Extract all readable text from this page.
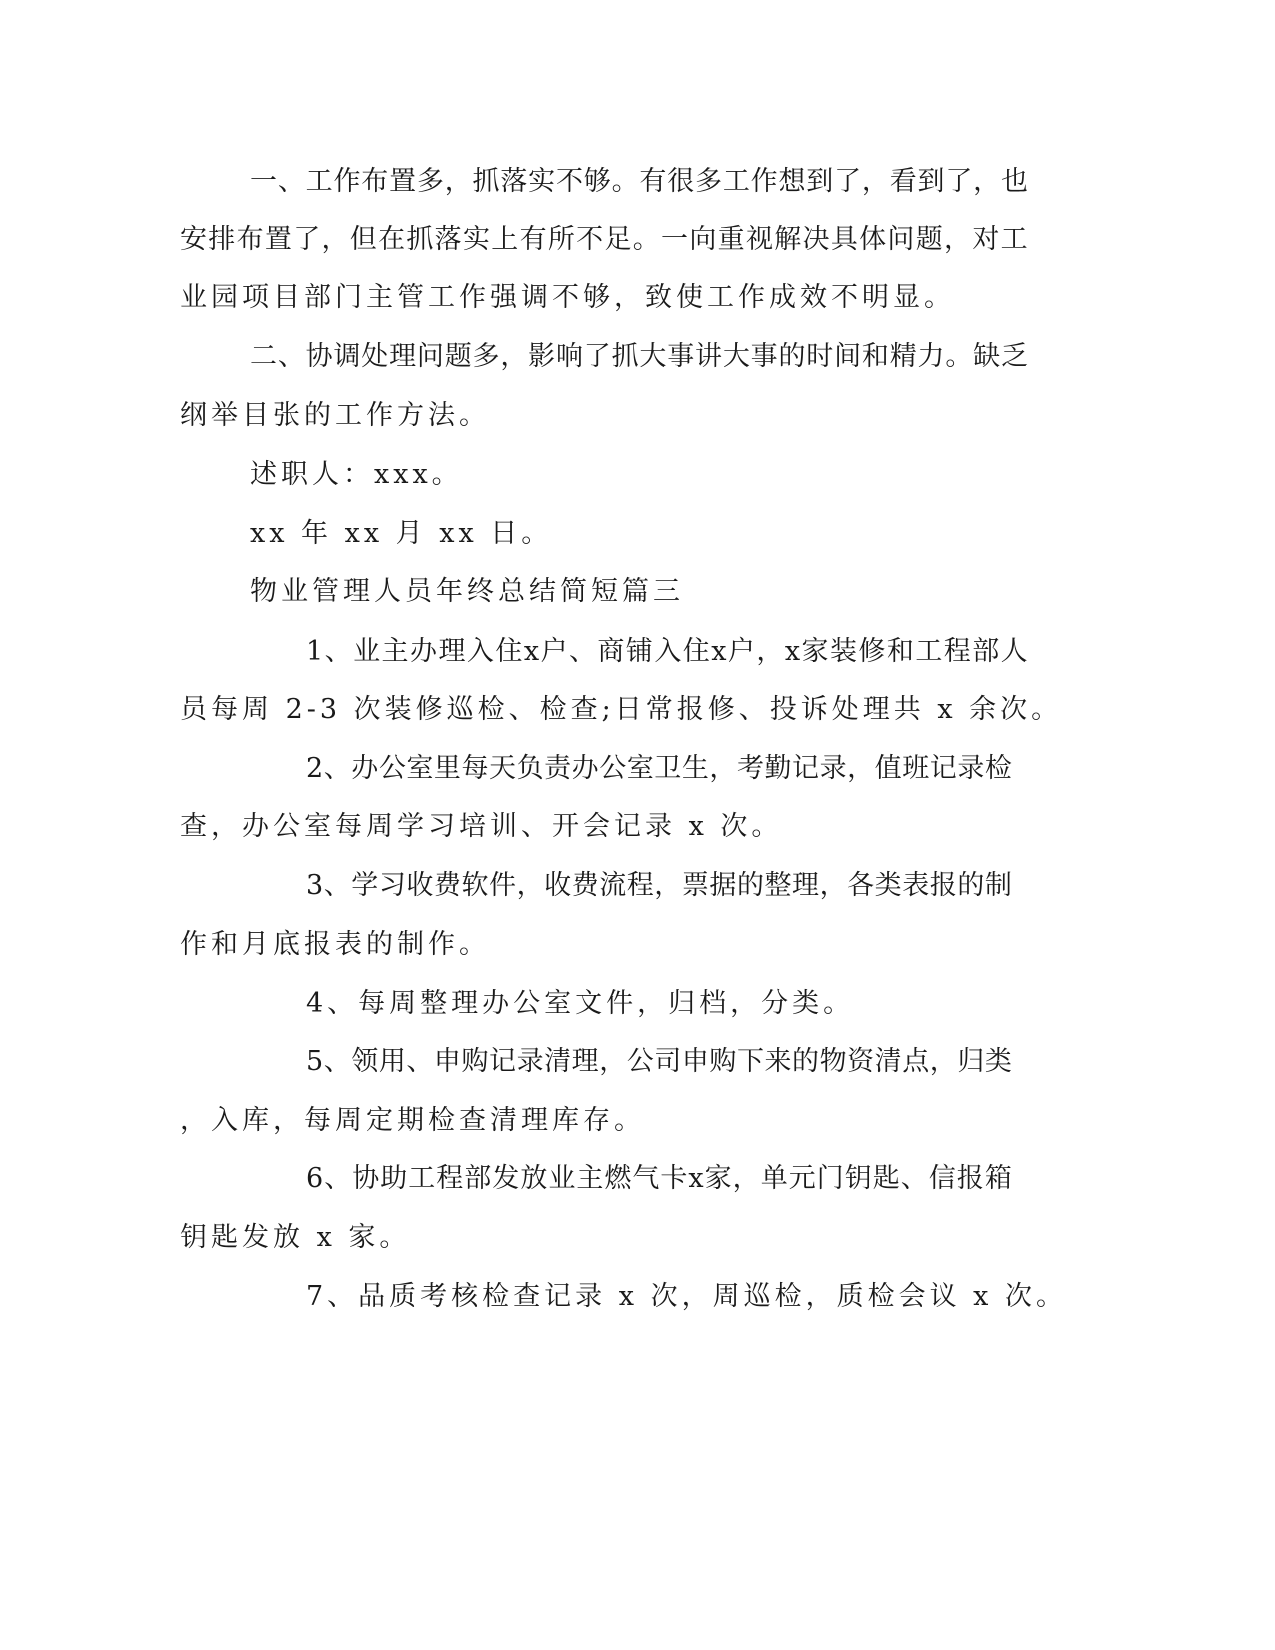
一 、 工 作 布 置 多 ， 抓 落 实 不 够 。 有 很 多 工 作 想 到 了 ， 看 到 了 ， 也
安 排 布 置 了 ， 但 在 抓 落 实 上 有 所 不 足 。 一 向 重 视 解 决 具 体 问 题 ， 对 工
业园项目部门主管工作强调不够，致使工作成效不明显。
二 、 协 调 处 理 问 题 多 ， 影 响 了 抓 大 事 讲 大 事 的 时 间 和 精 力 。 缺 乏
纲举目张的工作方法。
述职人：xxx。
xx 年 xx 月 xx 日。
物业管理人员年终总结简短篇三
1 、 业 主 办 理 入 住 x 户 、 商 铺 入 住 x 户 ， x 家 装 修 和 工 程 部 人
员每周 2-3 次装修巡检、检查;日常报修、投诉处理共 x 余次。
2 、 办 公 室 里 每 天 负 责 办 公 室 卫 生 ， 考 勤 记 录 ， 值 班 记 录 检
查，办公室每周学习培训、开会记录 x 次。
3 、 学 习 收 费 软 件 ， 收 费 流 程 ， 票 据 的 整 理 ， 各 类 表 报 的 制
作和月底报表的制作。
4、每周整理办公室文件，归档，分类。
5 、 领 用 、 申 购 记 录 清 理 ， 公 司 申 购 下 来 的 物 资 清 点 ， 归 类
，入库，每周定期检查清理库存。
6 、 协 助 工 程 部 发 放 业 主 燃 气 卡 x 家 ， 单 元 门 钥 匙 、 信 报 箱
钥匙发放 x 家。
7、品质考核检查记录 x 次，周巡检，质检会议 x 次。
